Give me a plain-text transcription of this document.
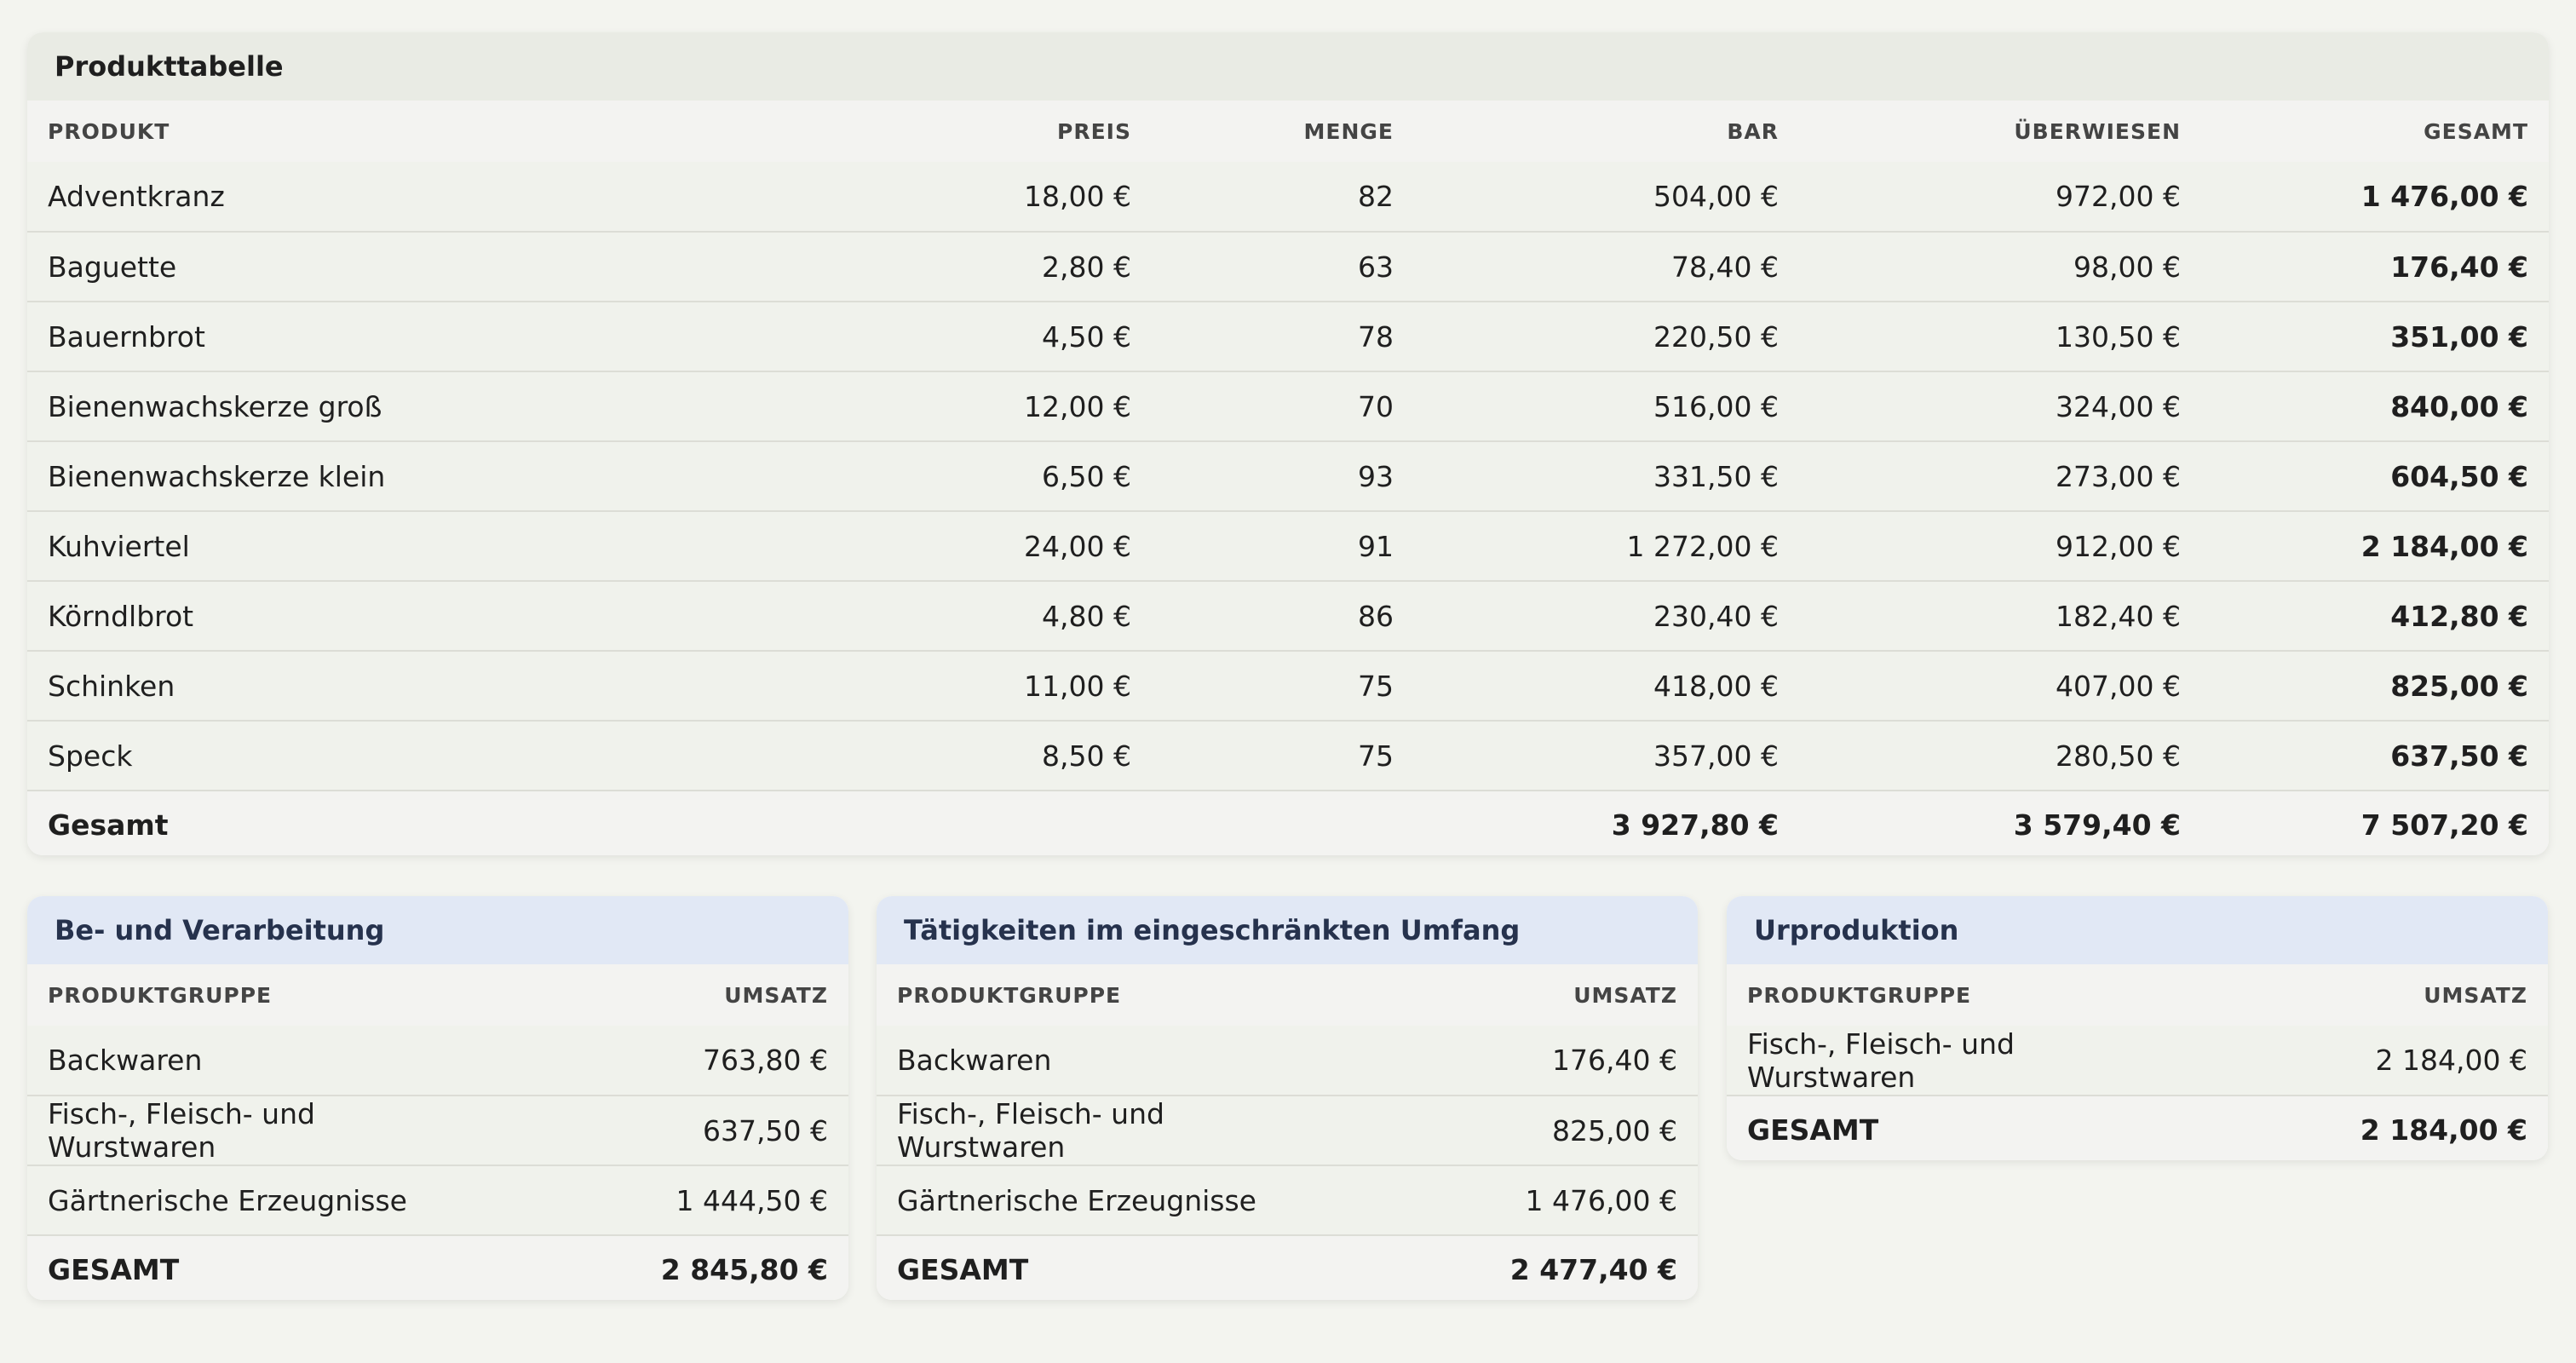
Produkttabelle
PRODUKT	PREIS	MENGE	BAR	ÜBERWIESEN	GESAMT
Adventkranz	18,00 €	82	504,00 €	972,00 €	1 476,00 €
Baguette	2,80 €	63	78,40 €	98,00 €	176,40 €
Bauernbrot	4,50 €	78	220,50 €	130,50 €	351,00 €
Bienenwachskerze groß	12,00 €	70	516,00 €	324,00 €	840,00 €
Bienenwachskerze klein	6,50 €	93	331,50 €	273,00 €	604,50 €
Kuhviertel	24,00 €	91	1 272,00 €	912,00 €	2 184,00 €
Körndlbrot	4,80 €	86	230,40 €	182,40 €	412,80 €
Schinken	11,00 €	75	418,00 €	407,00 €	825,00 €
Speck	8,50 €	75	357,00 €	280,50 €	637,50 €
Gesamt			3 927,80 €	3 579,40 €	7 507,20 €
Be- und Verarbeitung
PRODUKTGRUPPE	UMSATZ
Backwaren	763,80 €
Fisch-, Fleisch- und Wurstwaren	637,50 €
Gärtnerische Erzeugnisse	1 444,50 €
GESAMT	2 845,80 €
Tätigkeiten im eingeschränkten Umfang
PRODUKTGRUPPE	UMSATZ
Backwaren	176,40 €
Fisch-, Fleisch- und Wurstwaren	825,00 €
Gärtnerische Erzeugnisse	1 476,00 €
GESAMT	2 477,40 €
Urproduktion
PRODUKTGRUPPE	UMSATZ
Fisch-, Fleisch- und Wurstwaren	2 184,00 €
GESAMT	2 184,00 €
